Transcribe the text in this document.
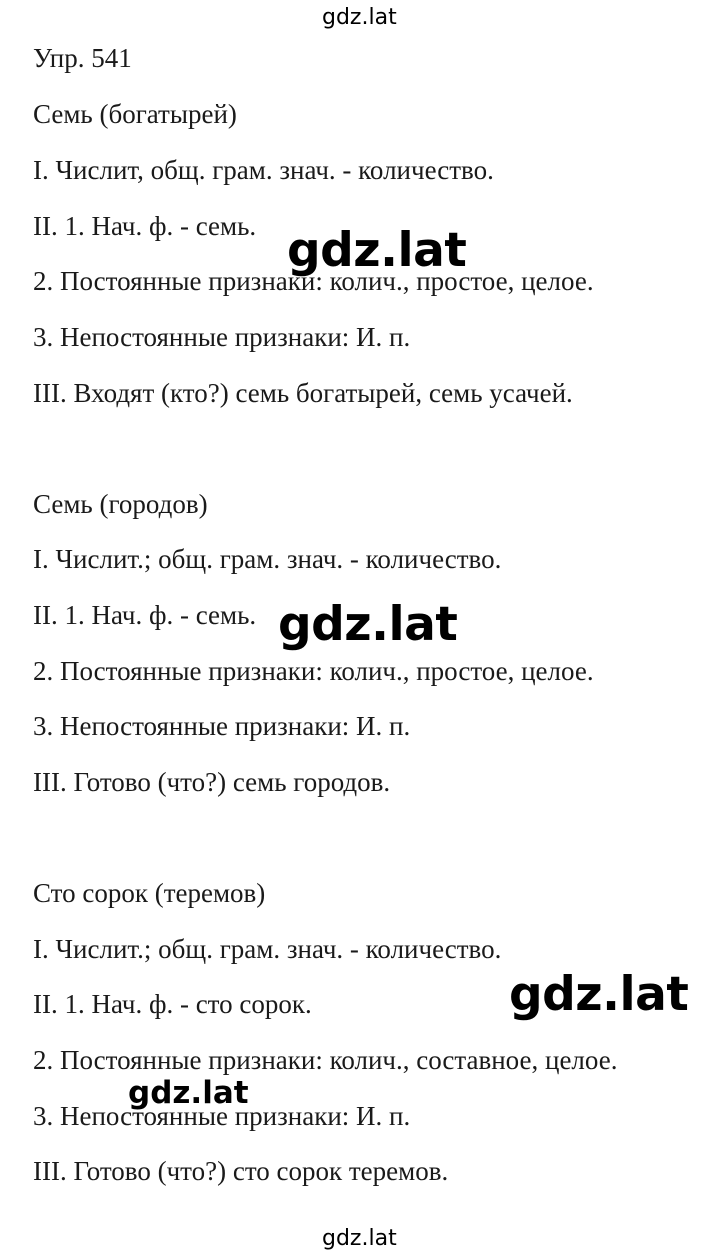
gdz.lat
Упр. 541
Семь (богатырей)
I. Числит, общ. грам. знач. - количество.
II. 1. Нач. ф. - семь.
2. Постоянные признаки: колич., простое, целое.
3. Непостоянные признаки: И. п.
III. Входят (кто?) семь богатырей, семь усачей.
Семь (городов)
I. Числит.; общ. грам. знач. - количество.
II. 1. Нач. ф. - семь.
2. Постоянные признаки: колич., простое, целое.
3. Непостоянные признаки: И. п.
III. Готово (что?) семь городов.
Сто сорок (теремов)
I. Числит.; общ. грам. знач. - количество.
II. 1. Нач. ф. - сто сорок.
2. Постоянные признаки: колич., составное, целое.
3. Непостоянные признаки: И. п.
III. Готово (что?) сто сорок теремов.
gdz.lat
gdz.lat
gdz.lat
gdz.lat
gdz.lat
